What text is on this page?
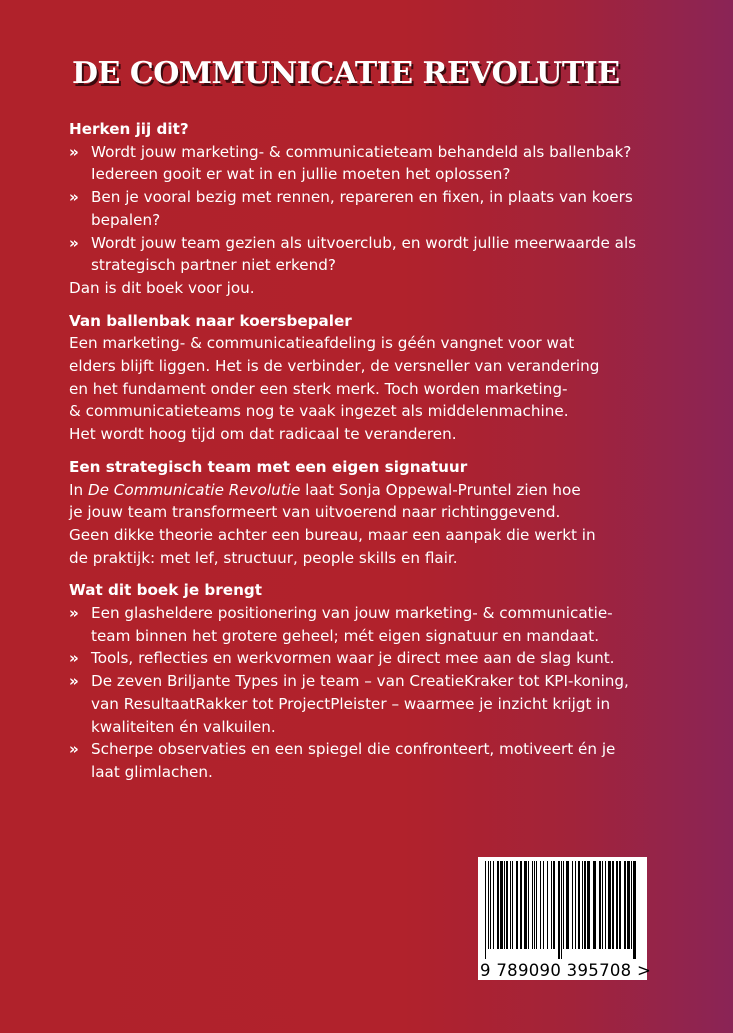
DE COMMUNICATIE REVOLUTIE
Herken jij dit?
» Wordt jouw marketing- & communicatieteam behandeld als ballenbak?
Iedereen gooit er wat in en jullie moeten het oplossen?
» Ben je vooral bezig met rennen, repareren en fixen, in plaats van koers
bepalen?
» Wordt jouw team gezien als uitvoerclub, en wordt jullie meerwaarde als
strategisch partner niet erkend?
Dan is dit boek voor jou.
Van ballenbak naar koersbepaler
Een marketing- & communicatieafdeling is géén vangnet voor wat
elders blijft liggen. Het is de verbinder, de versneller van verandering
en het fundament onder een sterk merk. Toch worden marketing-
& communicatieteams nog te vaak ingezet als middelenmachine.
Het wordt hoog tijd om dat radicaal te veranderen.
Een strategisch team met een eigen signatuur
In De Communicatie Revolutie laat Sonja Oppewal-Pruntel zien hoe
je jouw team transformeert van uitvoerend naar richtinggevend.
Geen dikke theorie achter een bureau, maar een aanpak die werkt in
de praktijk: met lef, structuur, people skills en flair.
Wat dit boek je brengt
» Een glasheldere positionering van jouw marketing- & communicatie-
team binnen het grotere geheel; mét eigen signatuur en mandaat.
» Tools, reflecties en werkvormen waar je direct mee aan de slag kunt.
» De zeven Briljante Types in je team – van CreatieKraker tot KPI-koning,
van ResultaatRakker tot ProjectPleister – waarmee je inzicht krijgt in
kwaliteiten én valkuilen.
» Scherpe observaties en een spiegel die confronteert, motiveert én je
laat glimlachen.
9 789090 395708 >
